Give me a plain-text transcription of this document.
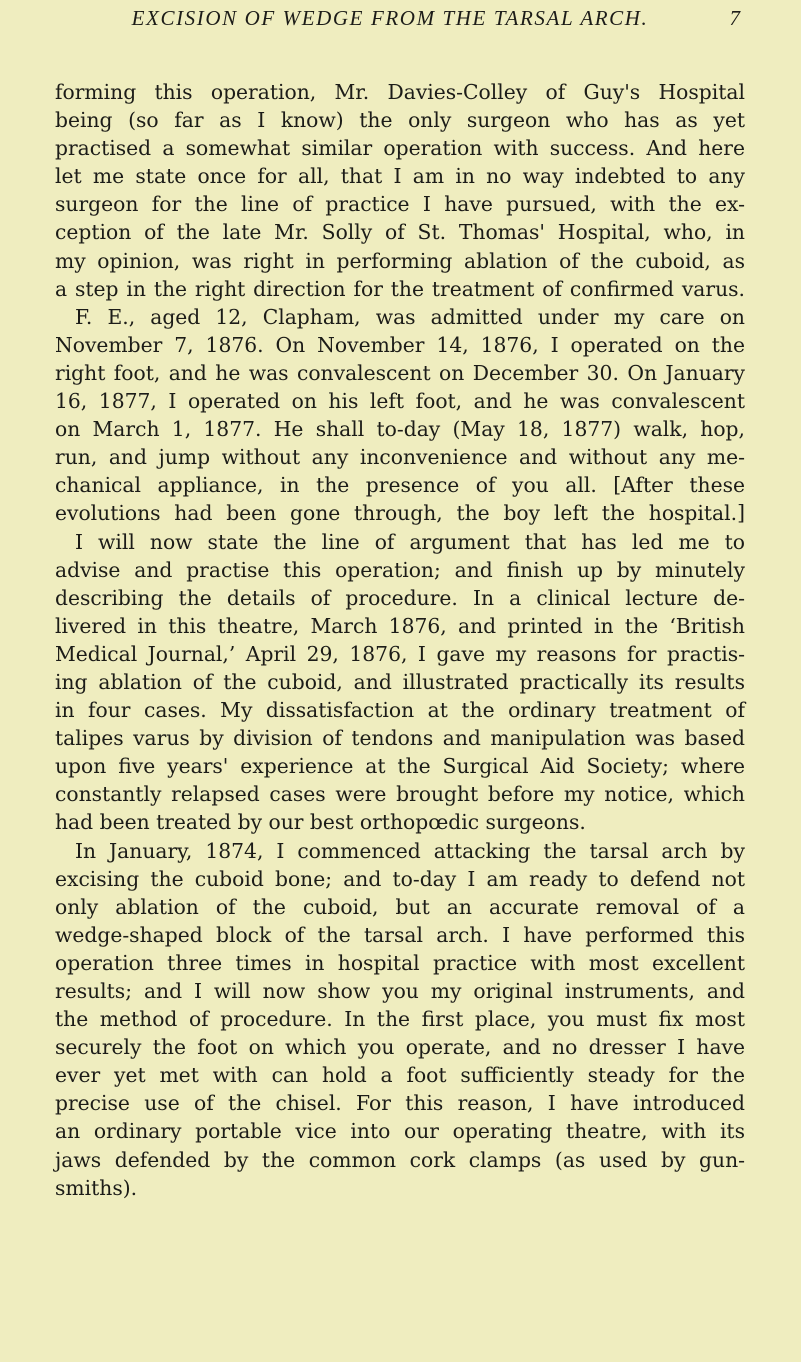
EXCISION OF WEDGE FROM THE TARSAL ARCH.	7
forming this operation, Mr. Davies-Colley of Guy's Hospital
being (so far as I know) the only surgeon who has as yet
practised a somewhat similar operation with success. And here
let me state once for all, that I am in no way indebted to any
surgeon for the line of practice I have pursued, with the ex-
ception of the late Mr. Solly of St. Thomas' Hospital, who, in
my opinion, was right in performing ablation of the cuboid, as
a step in the right direction for the treatment of confirmed varus.
F. E., aged 12, Clapham, was admitted under my care on
November 7, 1876. On November 14, 1876, I operated on the
right foot, and he was convalescent on December 30. On January
16, 1877, I operated on his left foot, and he was convalescent
on March 1, 1877. He shall to-day (May 18, 1877) walk, hop,
run, and jump without any inconvenience and without any me-
chanical appliance, in the presence of you all. [After these
evolutions had been gone through, the boy left the hospital.]
I will now state the line of argument that has led me to
advise and practise this operation; and finish up by minutely
describing the details of procedure. In a clinical lecture de-
livered in this theatre, March 1876, and printed in the ‘British
Medical Journal,’ April 29, 1876, I gave my reasons for practis-
ing ablation of the cuboid, and illustrated practically its results
in four cases. My dissatisfaction at the ordinary treatment of
talipes varus by division of tendons and manipulation was based
upon five years' experience at the Surgical Aid Society; where
constantly relapsed cases were brought before my notice, which
had been treated by our best orthopœdic surgeons.
In January, 1874, I commenced attacking the tarsal arch by
excising the cuboid bone; and to-day I am ready to defend not
only ablation of the cuboid, but an accurate removal of a
wedge-shaped block of the tarsal arch. I have performed this
operation three times in hospital practice with most excellent
results; and I will now show you my original instruments, and
the method of procedure. In the first place, you must fix most
securely the foot on which you operate, and no dresser I have
ever yet met with can hold a foot sufficiently steady for the
precise use of the chisel. For this reason, I have introduced
an ordinary portable vice into our operating theatre, with its
jaws defended by the common cork clamps (as used by gun-
smiths).
